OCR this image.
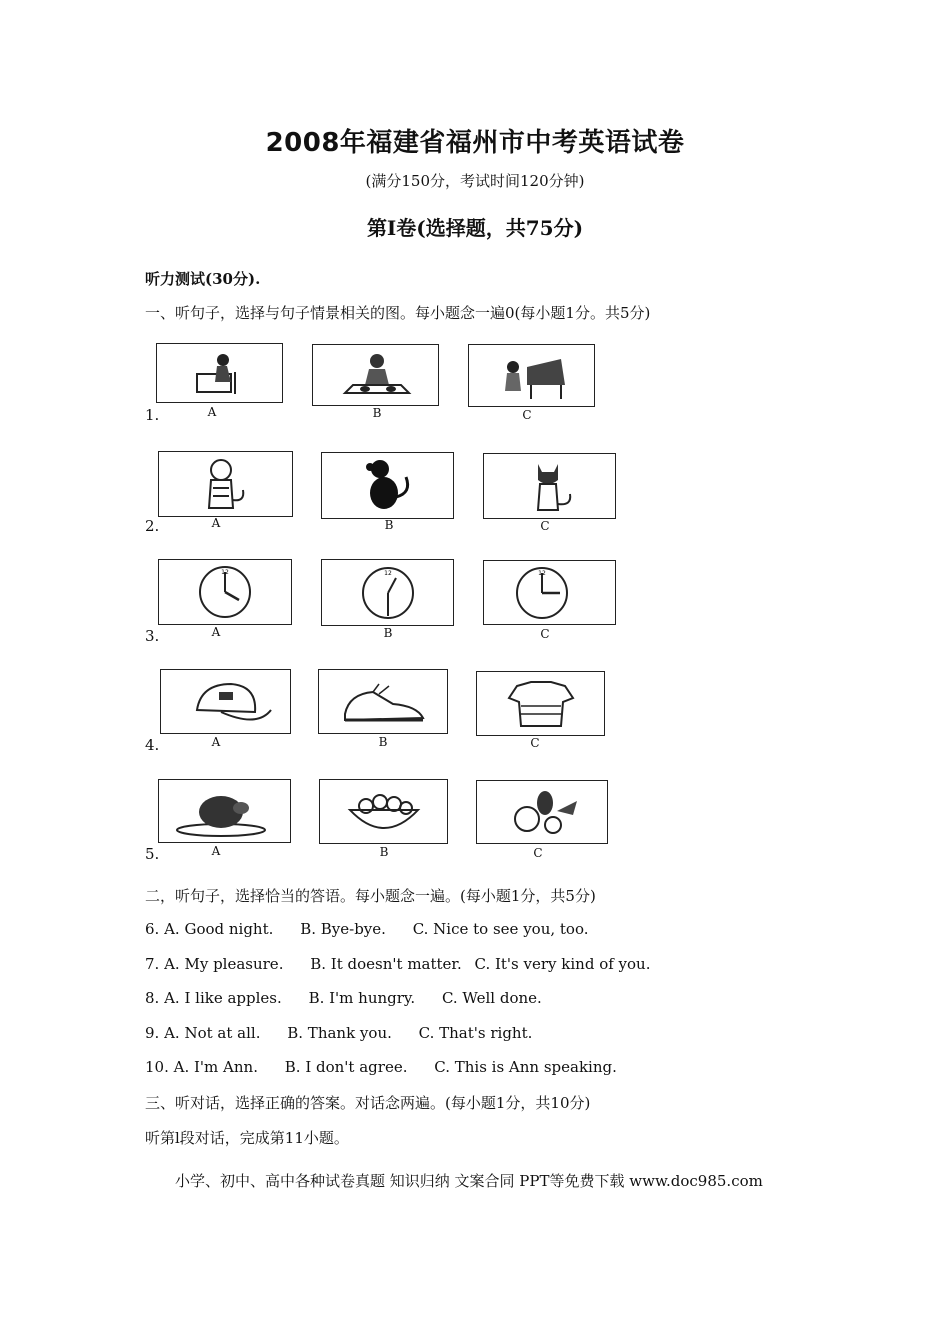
2008年福建省福州市中考英语试卷
(满分150分，考试时间120分钟)
第Ⅰ卷(选择题，共75分)
听力测试(30分).
一、听句子，选择与句子情景相关的图。每小题念一遍0(每小题1分。共5分)
1.	A	B	C
2.	A	B	C
3.
12
A
12
B
12
C
4.	A	B	C
5.	A	B	C
二，听句子，选择恰当的答语。每小题念一遍。(每小题1分，共5分)
6. A. Good night. B. Bye-bye. C. Nice to see you, too.
7. A. My pleasure. B. It doesn't matter. C. It's very kind of you.
8. A. I like apples. B. I'm hungry. C. Well done.
9. A. Not at all. B. Thank you. C. That's right.
10. A. I'm Ann. B. I don't agree. C. This is Ann speaking.
三、听对话，选择正确的答案。对话念两遍。(每小题1分，共10分)
听第l段对话，完成第11小题。
小学、初中、高中各种试卷真题 知识归纳 文案合同 PPT等免费下载 www.doc985.com
